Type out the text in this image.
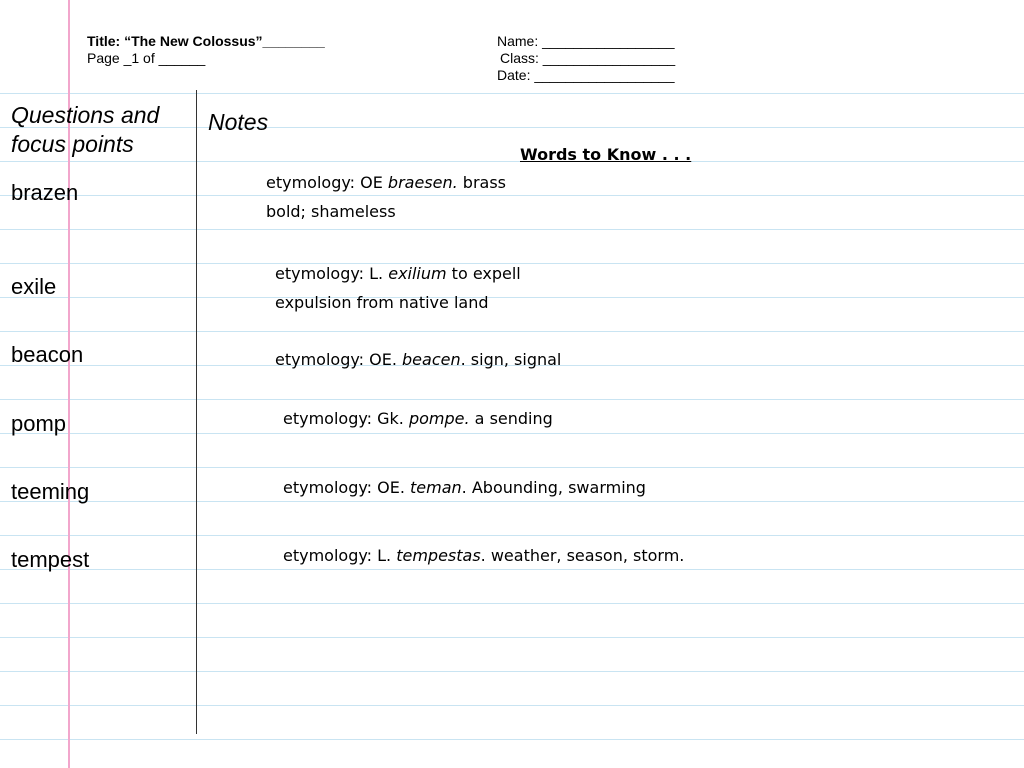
Title: “The New Colossus”________
Page _1 of ______
Name: _________________
Class: _________________
Date: __________________
Questions and focus points
Notes
Words to Know . . .
brazen
exile
beacon
pomp
teeming
tempest
etymology: OE braesen. brass
bold; shameless
etymology: L. exilium to expell
expulsion from native land
etymology: OE. beacen. sign, signal
etymology: Gk. pompe. a sending
etymology: OE. teman. Abounding, swarming
etymology: L. tempestas. weather, season, storm.
